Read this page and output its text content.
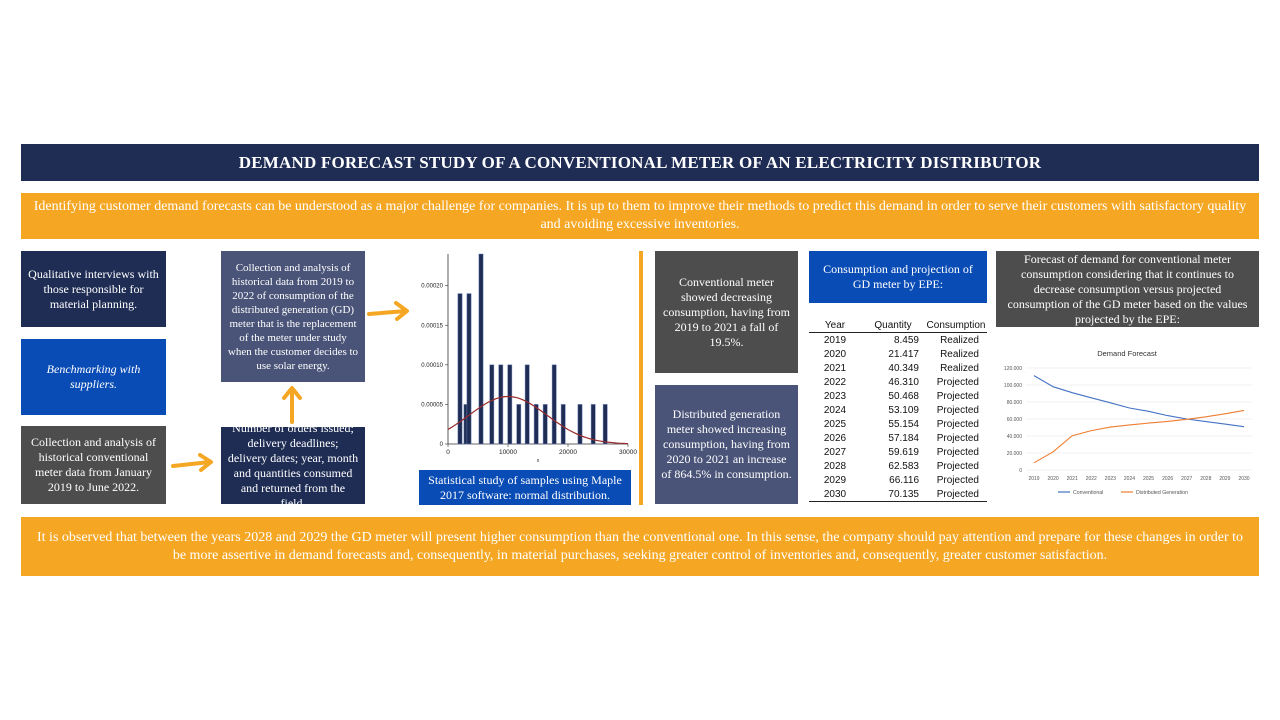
DEMAND FORECAST STUDY OF A CONVENTIONAL METER OF AN ELECTRICITY DISTRIBUTOR
Identifying customer demand forecasts can be understood as a major challenge for companies. It is up to them to improve their methods to predict this demand in order to serve their customers with satisfactory quality and avoiding excessive inventories.
Qualitative interviews with those responsible for material planning.
Benchmarking with suppliers.
Collection and analysis of historical conventional meter data from January 2019 to June 2022.
Collection and analysis of historical data from 2019 to 2022 of consumption of the distributed generation (GD) meter that is the replacement of the meter under study when the customer decides to use solar energy.
Number of orders issued; delivery deadlines; delivery dates; year, month and quantities consumed and returned from the field.
0
0.00005
0.00010
0.00015
0.00020
0	10000	20000	30000
x
Statistical study of samples using Maple 2017 software: normal distribution.
Conventional meter showed decreasing consumption, having from 2019 to 2021 a fall of 19.5%.
Distributed generation meter showed increasing consumption, having from 2020 to 2021 an increase of 864.5% in consumption.
Consumption and projection of GD meter by EPE:
Year	Quantity	Consumption
2019	8.459	Realized
2020	21.417	Realized
2021	40.349	Realized
2022	46.310	Projected
2023	50.468	Projected
2024	53.109	Projected
2025	55.154	Projected
2026	57.184	Projected
2027	59.619	Projected
2028	62.583	Projected
2029	66.116	Projected
2030	70.135	Projected
Forecast of demand for conventional meter consumption considering that it continues to decrease consumption versus projected consumption of the GD meter based on the values projected by the EPE:
Demand Forecast
0
20.000
40.000
60.000
80.000
100.000
120.000
2019 2020 2021 2022 2023 2024 2025 2026 2027 2028 2029 2030
Conventional	Distributed Generation
It is observed that between the years 2028 and 2029 the GD meter will present higher consumption than the conventional one. In this sense, the company should pay attention and prepare for these changes in order to be more assertive in demand forecasts and, consequently, in material purchases, seeking greater control of inventories and, consequently, greater customer satisfaction.
